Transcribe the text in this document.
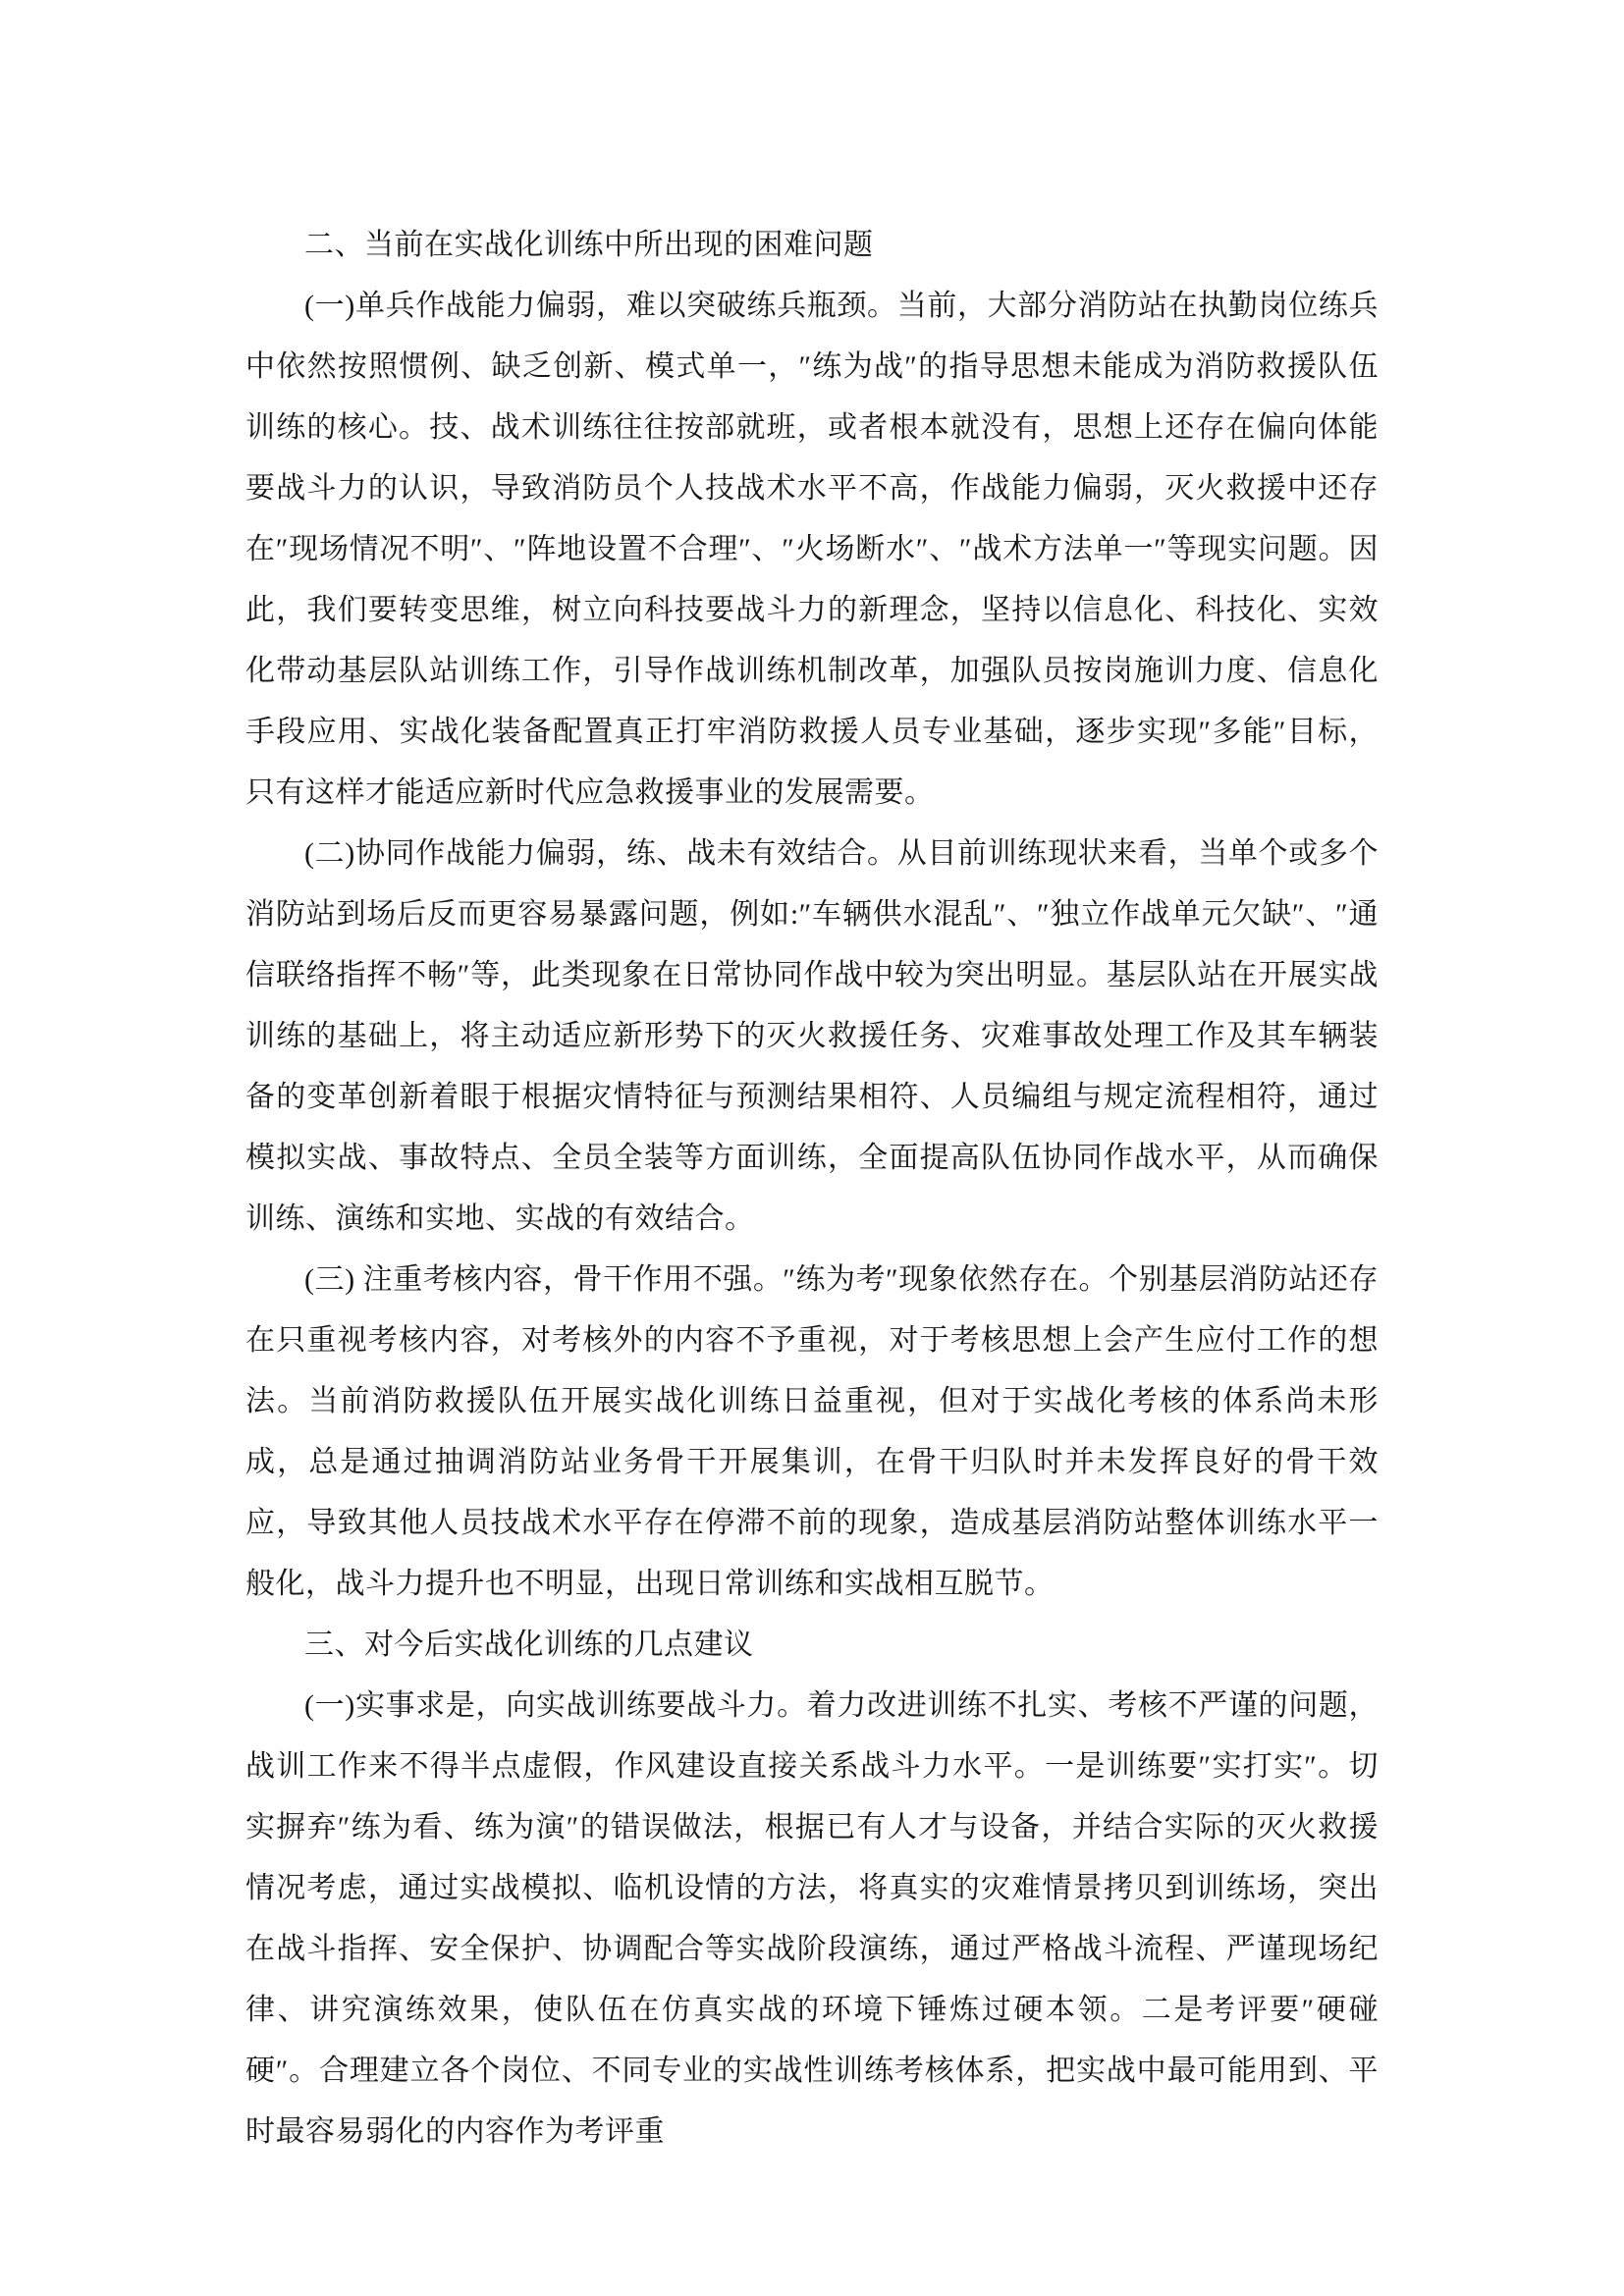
二、当前在实战化训练中所出现的困难问题

(一)单兵作战能力偏弱，难以突破练兵瓶颈。当前，大部分消防站在执勤岗位练兵中依然按照惯例、缺乏创新、模式单一，″练为战″的指导思想未能成为消防救援队伍训练的核心。技、战术训练往往按部就班，或者根本就没有，思想上还存在偏向体能要战斗力的认识，导致消防员个人技战术水平不高，作战能力偏弱，灭火救援中还存在″现场情况不明″、″阵地设置不合理″、″火场断水″、″战术方法单一″等现实问题。因此，我们要转变思维，树立向科技要战斗力的新理念，坚持以信息化、科技化、实效化带动基层队站训练工作，引导作战训练机制改革，加强队员按岗施训力度、信息化手段应用、实战化装备配置真正打牢消防救援人员专业基础，逐步实现″多能″目标，只有这样才能适应新时代应急救援事业的发展需要。

(二)协同作战能力偏弱，练、战未有效结合。从目前训练现状来看，当单个或多个消防站到场后反而更容易暴露问题，例如:″车辆供水混乱″、″独立作战单元欠缺″、″通信联络指挥不畅″等，此类现象在日常协同作战中较为突出明显。基层队站在开展实战训练的基础上，将主动适应新形势下的灭火救援任务、灾难事故处理工作及其车辆装备的变革创新着眼于根据灾情特征与预测结果相符、人员编组与规定流程相符，通过模拟实战、事故特点、全员全装等方面训练，全面提高队伍协同作战水平，从而确保训练、演练和实地、实战的有效结合。

(三) 注重考核内容，骨干作用不强。″练为考″现象依然存在。个别基层消防站还存在只重视考核内容，对考核外的内容不予重视，对于考核思想上会产生应付工作的想法。当前消防救援队伍开展实战化训练日益重视，但对于实战化考核的体系尚未形成，总是通过抽调消防站业务骨干开展集训，在骨干归队时并未发挥良好的骨干效应，导致其他人员技战术水平存在停滞不前的现象，造成基层消防站整体训练水平一般化，战斗力提升也不明显，出现日常训练和实战相互脱节。

三、对今后实战化训练的几点建议

(一)实事求是，向实战训练要战斗力。着力改进训练不扎实、考核不严谨的问题，战训工作来不得半点虚假，作风建设直接关系战斗力水平。一是训练要″实打实″。切实摒弃″练为看、练为演″的错误做法，根据已有人才与设备，并结合实际的灭火救援情况考虑，通过实战模拟、临机设情的方法，将真实的灾难情景拷贝到训练场，突出在战斗指挥、安全保护、协调配合等实战阶段演练，通过严格战斗流程、严谨现场纪律、讲究演练效果，使队伍在仿真实战的环境下锤炼过硬本领。二是考评要″硬碰硬″。合理建立各个岗位、不同专业的实战性训练考核体系，把实战中最可能用到、平时最容易弱化的内容作为考评重
